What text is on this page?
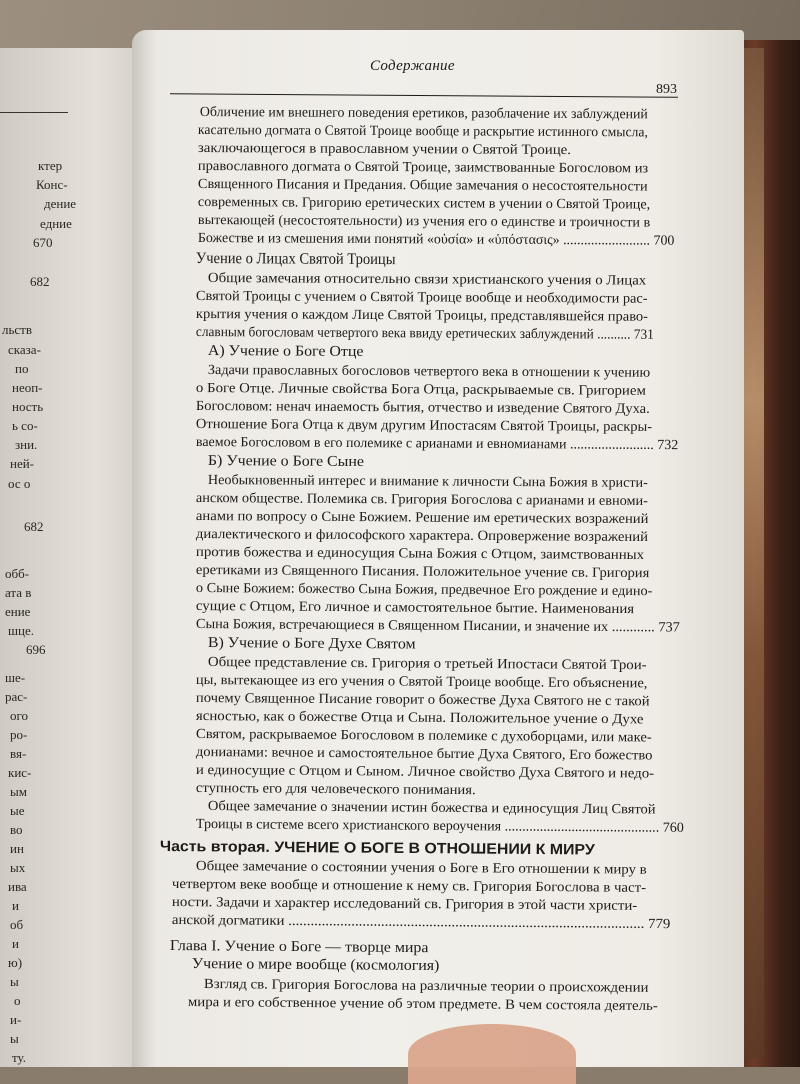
Содержание
893
ктер
Конс-
дение
едние
670
682
льств
сказа-
по
неоп-
ность
ь со-
зни.
ней-
ос о
682
обб-
ата в
ение
шце.
696
ше-
рас-
ого
ро-
вя-
кис-
ым
ые
во
ин
ых
ива
и
об
и
ю)
ы
о
и-
ы
ту.
Обличение им внешнего поведения еретиков, разоблачение их заблуждений
касательно догмата о Святой Троице вообще и раскрытие истинного смысла,
заключающегося в православном учении о Святой Троице.
православного догмата о Святой Троице, заимствованные Богословом из
Священного Писания и Предания. Общие замечания о несостоятельности
современных св. Григорию еретических систем в учении о Святой Троице,
вытекающей (несостоятельности) из учения его о единстве и троичности в
Божестве и из смешения ими понятий «οὐσία» и «ὑπόστασις» ......................... 700
Учение о Лицах Святой Троицы
Общие замечания относительно связи христианского учения о Лицах
Святой Троицы с учением о Святой Троице вообще и необходимости рас-
крытия учения о каждом Лице Святой Троицы, представлявшейся право-
славным богословам четвертого века ввиду еретических заблуждений .......... 731
А) Учение о Боге Отце
Задачи православных богословов четвертого века в отношении к учению
о Боге Отце. Личные свойства Бога Отца, раскрываемые св. Григорием
Богословом: ненач инаемость бытия, отчество и изведение Святого Духа.
Отношение Бога Отца к двум другим Ипостасям Святой Троицы, раскры-
ваемое Богословом в его полемике с арианами и евномианами ........................ 732
Б) Учение о Боге Сыне
Необыкновенный интерес и внимание к личности Сына Божия в христи-
анском обществе. Полемика св. Григория Богослова с арианами и евноми-
анами по вопросу о Сыне Божием. Решение им еретических возражений
диалектического и философского характера. Опровержение возражений
против божества и единосущия Сына Божия с Отцом, заимствованных
еретиками из Священного Писания. Положительное учение св. Григория
о Сыне Божием: божество Сына Божия, предвечное Его рождение и едино-
сущие с Отцом, Его личное и самостоятельное бытие. Наименования
Сына Божия, встречающиеся в Священном Писании, и значение их ............ 737
В) Учение о Боге Духе Святом
Общее представление св. Григория о третьей Ипостаси Святой Трои-
цы, вытекающее из его учения о Святой Троице вообще. Его объяснение,
почему Священное Писание говорит о божестве Духа Святого не с такой
ясностью, как о божестве Отца и Сына. Положительное учение о Духе
Святом, раскрываемое Богословом в полемике с духоборцами, или маке-
донианами: вечное и самостоятельное бытие Духа Святого, Его божество
и единосущие с Отцом и Сыном. Личное свойство Духа Святого и недо-
ступность его для человеческого понимания.
Общее замечание о значении истин божества и единосущия Лиц Святой
Троицы в системе всего христианского вероучения ............................................ 760
Часть вторая. УЧЕНИЕ О БОГЕ В ОТНОШЕНИИ К МИРУ
Общее замечание о состоянии учения о Боге в Его отношении к миру в
четвертом веке вообще и отношение к нему св. Григория Богослова в част-
ности. Задачи и характер исследований св. Григория в этой части христи-
анской догматики ................................................................................................ 779
Глава I. Учение о Боге — творце мира
Учение о мире вообще (космология)
Взгляд св. Григория Богослова на различные теории о происхождении
мира и его собственное учение об этом предмете. В чем состояла деятель-
